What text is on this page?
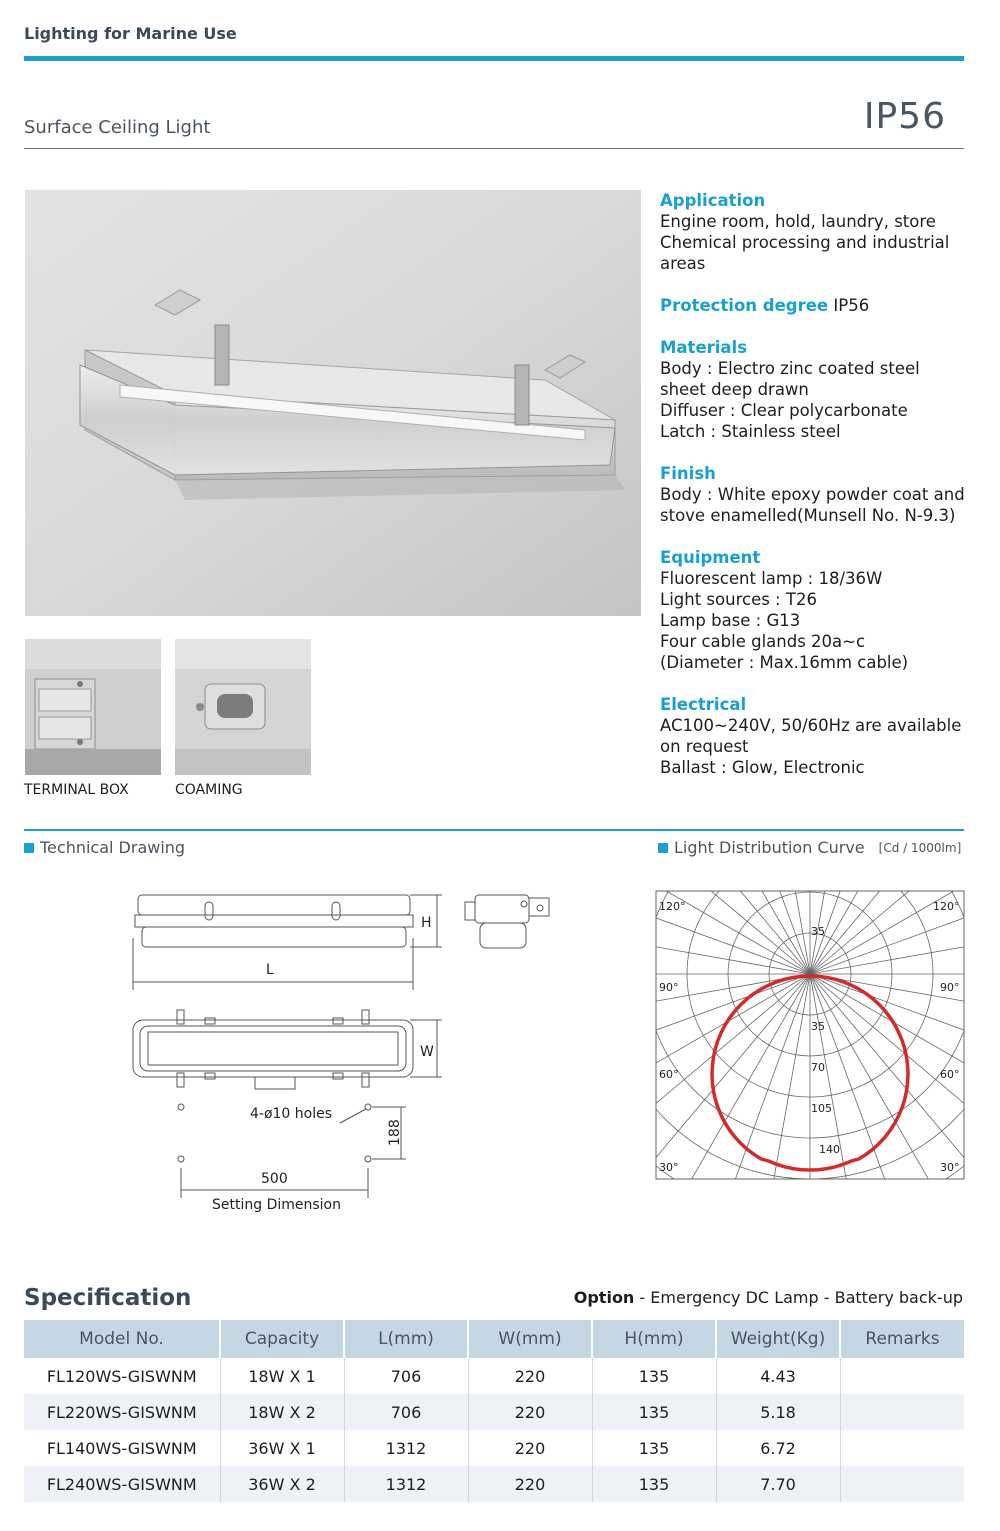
Lighting for Marine Use
Surface Ceiling Light	IP56
TERMINAL BOX	COAMING
Application
Engine room, hold, laundry, store
Chemical processing and industrial areas
Protection degree IP56
Materials
Body : Electro zinc coated steel sheet deep drawn
Diffuser : Clear polycarbonate
Latch : Stainless steel
Finish
Body : White epoxy powder coat and stove enamelled(Munsell No. N-9.3)
Equipment
Fluorescent lamp : 18/36W
Light sources : T26
Lamp base : G13
Four cable glands 20a~c
(Diameter : Max.16mm cable)
Electrical
AC100~240V, 50/60Hz are available on request
Ballast : Glow, Electronic
Technical Drawing	Light Distribution Curve [Cd / 1000lm]
H
L
W
4-ø10 holes
188
500
Setting Dimension
120°	120°
90°	90°
60°	60°
30°	30°
35
35
70
105
140
Specification	Option - Emergency DC Lamp - Battery back-up
Model No.	Capacity	L(mm)	W(mm)	H(mm)	Weight(Kg)	Remarks
FL120WS-GISWNM	18W X 1	706	220	135	4.43	
FL220WS-GISWNM	18W X 2	706	220	135	5.18	
FL140WS-GISWNM	36W X 1	1312	220	135	6.72	
FL240WS-GISWNM	36W X 2	1312	220	135	7.70	
